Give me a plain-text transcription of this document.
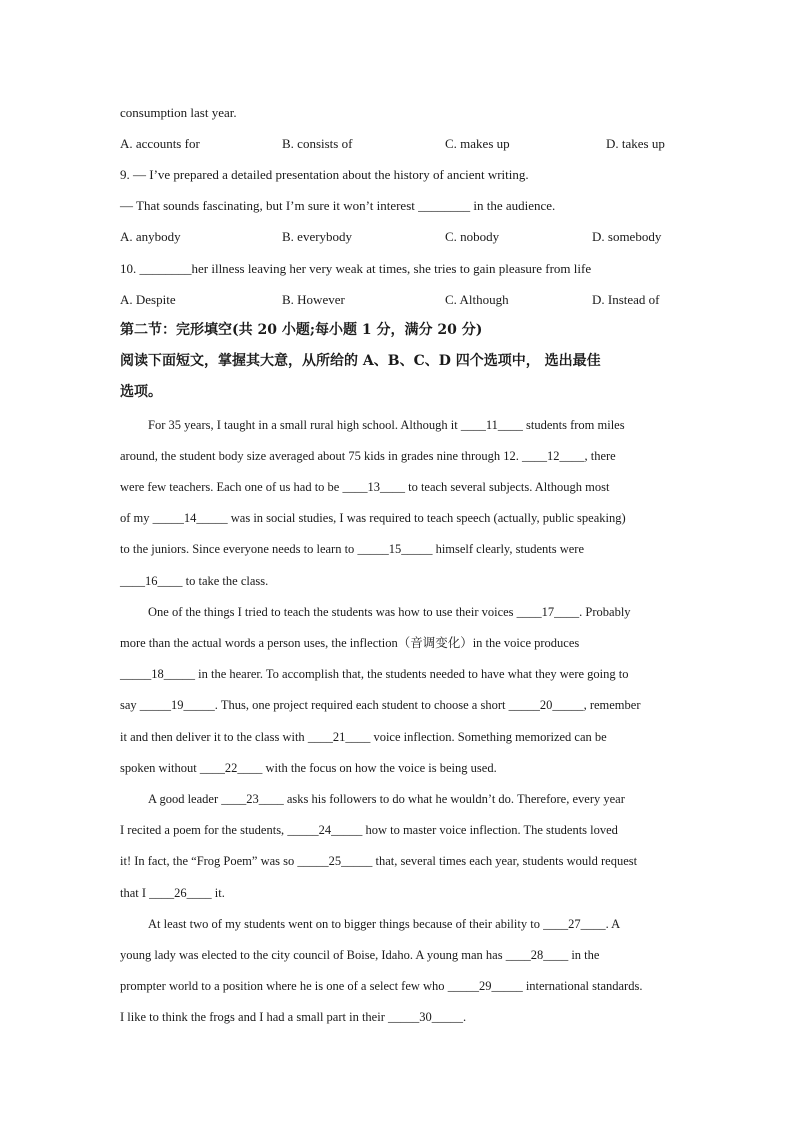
consumption last year.
A. accounts for	B. consists of	C. makes up	D. takes up
9. — I’ve prepared a detailed presentation about the history of ancient writing.
— That sounds fascinating, but I’m sure it won’t interest ________ in the audience.
A. anybody	B. everybody	C. nobody	D. somebody
10. ________her illness leaving her very weak at times, she tries to gain pleasure from life
A. Despite	B. However	C. Although	D. Instead of
第二节：完形填空(共 20 小题;每小题 1 分，满分 20 分)
阅读下面短文，掌握其大意，从所给的 A、B、C、D 四个选项中， 选出最佳
选项。
For 35 years, I taught in a small rural high school. Although it ____11____ students from miles
around, the student body size averaged about 75 kids in grades nine through 12. ____12____, there
were few teachers. Each one of us had to be ____13____ to teach several subjects. Although most
of my _____14_____ was in social studies, I was required to teach speech (actually, public speaking)
to the juniors. Since everyone needs to learn to _____15_____ himself clearly, students were
____16____ to take the class.
One of the things I tried to teach the students was how to use their voices ____17____. Probably
more than the actual words a person uses, the inflection（音调变化）in the voice produces
_____18_____ in the hearer. To accomplish that, the students needed to have what they were going to
say _____19_____. Thus, one project required each student to choose a short _____20_____, remember
it and then deliver it to the class with ____21____ voice inflection. Something memorized can be
spoken without ____22____ with the focus on how the voice is being used.
A good leader ____23____ asks his followers to do what he wouldn’t do. Therefore, every year
I recited a poem for the students, _____24_____ how to master voice inflection. The students loved
it! In fact, the “Frog Poem” was so _____25_____ that, several times each year, students would request
that I ____26____ it.
At least two of my students went on to bigger things because of their ability to ____27____. A
young lady was elected to the city council of Boise, Idaho. A young man has ____28____ in the
prompter world to a position where he is one of a select few who _____29_____ international standards.
I like to think the frogs and I had a small part in their _____30_____.
